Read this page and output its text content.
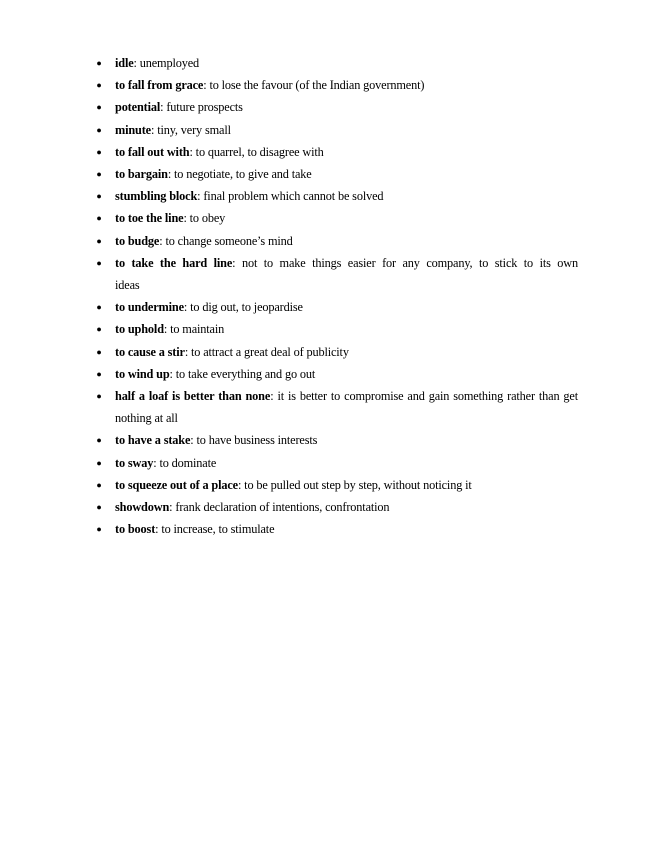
● idle: unemployed
● to fall from grace: to lose the favour (of the Indian government)
● potential: future prospects
● minute: tiny, very small
● to fall out with: to quarrel, to disagree with
● to bargain: to negotiate, to give and take
● stumbling block: final problem which cannot be solved
● to toe the line: to obey
● to budge: to change someone’s mind
● to take the hard line: not to make things easier for any company, to stick to its own ideas
● to undermine: to dig out, to jeopardise
● to uphold: to maintain
● to cause a stir: to attract a great deal of publicity
● to wind up: to take everything and go out
● half a loaf is better than none: it is better to compromise and gain something rather than get nothing at all
● to have a stake: to have business interests
● to sway: to dominate
● to squeeze out of a place: to be pulled out step by step, without noticing it
● showdown: frank declaration of intentions, confrontation
● to boost: to increase, to stimulate
